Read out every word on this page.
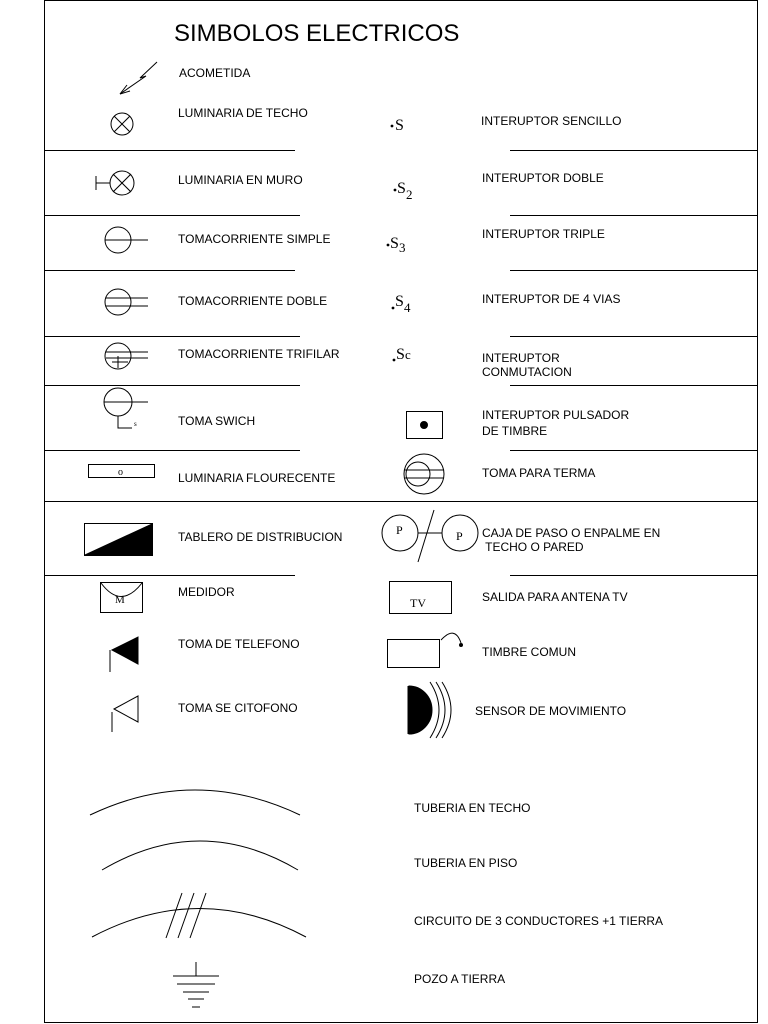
S
S 2
S 3
S 4
S c
o
P	P
M
s
TV
SIMBOLOS ELECTRICOS
ACOMETIDA
LUMINARIA DE TECHO
LUMINARIA EN MURO
TOMACORRIENTE SIMPLE
TOMACORRIENTE DOBLE
TOMACORRIENTE TRIFILAR
TOMA SWICH
LUMINARIA FLOURECENTE
TABLERO DE DISTRIBUCION
MEDIDOR
TOMA DE TELEFONO
TOMA SE CITOFONO
INTERUPTOR SENCILLO
INTERUPTOR DOBLE
INTERUPTOR TRIPLE
INTERUPTOR DE 4 VIAS
INTERUPTOR
CONMUTACION
INTERUPTOR PULSADOR
DE TIMBRE
TOMA PARA TERMA
CAJA DE PASO O ENPALME EN
TECHO O PARED
SALIDA PARA ANTENA TV
TIMBRE COMUN
SENSOR DE MOVIMIENTO
TUBERIA EN TECHO
TUBERIA EN PISO
CIRCUITO DE 3 CONDUCTORES +1 TIERRA
POZO A TIERRA
